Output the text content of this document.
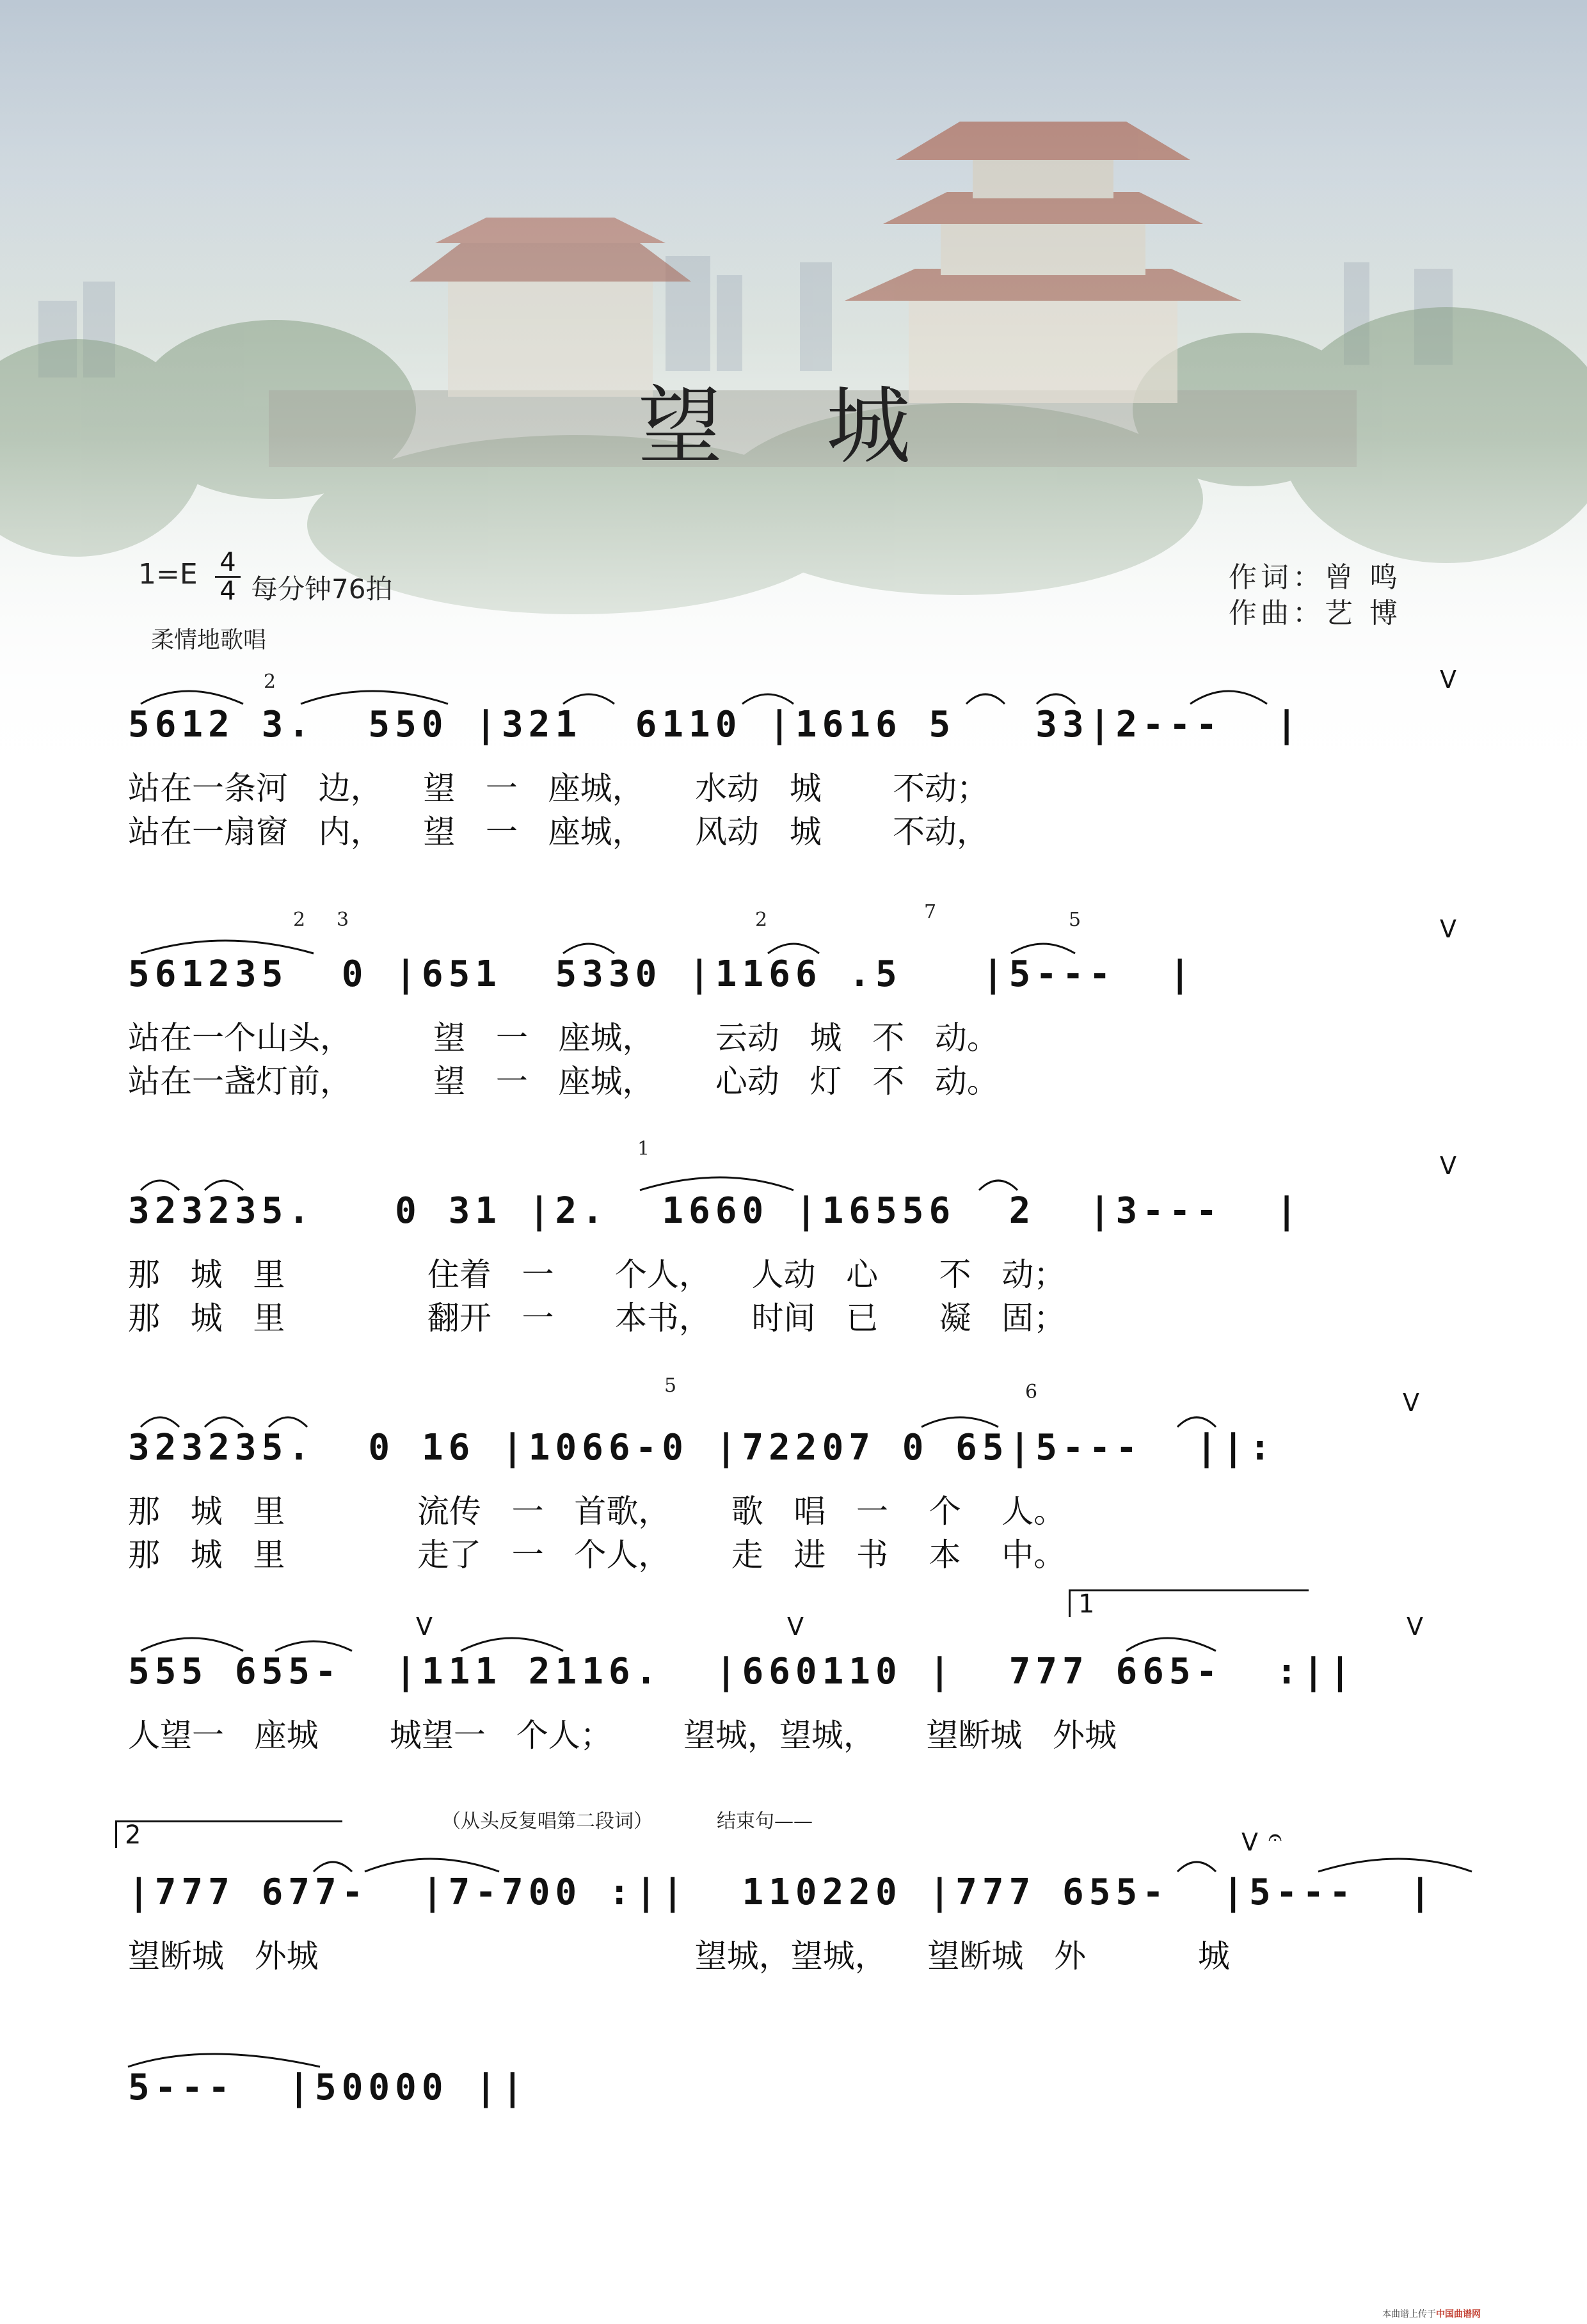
望 城
1=E 4
4 每分钟76拍
柔情地歌唱
作词：曾 鸣
作曲：艺 博
2	V
5612 3.  550 |321  6110 |1616 5   33|2---  |
站在一条河   边，    望   一   座城，     水动   城       不动；
站在一扇窗   内，    望   一   座城，     风动   城       不动，
2 3	2	7	5	V
561235  0 |651  5330 |1166 .5   |5---  |
站在一个山头，        望   一   座城，      云动   城   不   动。
站在一盏灯前，        望   一   座城，      心动   灯   不   动。
1
V
323235.   0 31 |2.  1660 |16556  2  |3---  |
那   城   里              住着   一      个人，    人动   心      不   动；
那   城   里              翻开   一      本书，    时间   已      凝   固；
5	6	V
323235.  0 16 |1066-0 |72207 0 65|5---  ||:
那   城   里             流传   一   首歌，      歌   唱   一    个    人。
那   城   里             走了   一   个人，      走   进   书    本    中。
V	V	V
1
555 655-  |111 2116.  |660110 |  777 665-  :||
人望一   座城       城望一   个人；       望城，望城，     望断城   外城
2	（从头反复唱第二段词）	结束句——
V 𝄐
|777 677-  |7-700 :||  110220 |777 655-  |5---  |
望断城   外城                                     望城，望城，    望断城   外           城
5---  |50000 ||
本曲谱上传于中国曲谱网
